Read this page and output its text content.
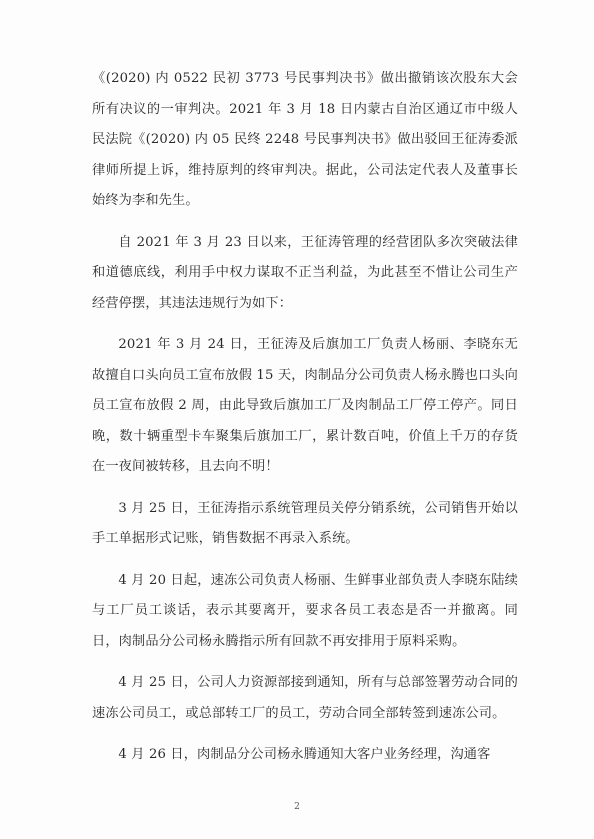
《(2020) 内 0522 民初 3773 号民事判决书》做出撤销该次股东大会所有决议的一审判决。2021 年 3 月 18 日内蒙古自治区通辽市中级人民法院《(2020) 内 05 民终 2248 号民事判决书》做出驳回王征涛委派律师所提上诉，维持原判的终审判决。据此，公司法定代表人及董事长始终为李和先生。

自 2021 年 3 月 23 日以来，王征涛管理的经营团队多次突破法律和道德底线，利用手中权力谋取不正当利益，为此甚至不惜让公司生产经营停摆，其违法违规行为如下：

2021 年 3 月 24 日，王征涛及后旗加工厂负责人杨丽、李晓东无故擅自口头向员工宣布放假 15 天，肉制品分公司负责人杨永腾也口头向员工宣布放假 2 周，由此导致后旗加工厂及肉制品工厂停工停产。同日晚，数十辆重型卡车聚集后旗加工厂，累计数百吨，价值上千万的存货在一夜间被转移，且去向不明！

3 月 25 日，王征涛指示系统管理员关停分销系统，公司销售开始以手工单据形式记账，销售数据不再录入系统。

4 月 20 日起，速冻公司负责人杨丽、生鲜事业部负责人李晓东陆续与工厂员工谈话，表示其要离开，要求各员工表态是否一并撤离。同日，肉制品分公司杨永腾指示所有回款不再安排用于原料采购。

4 月 25 日，公司人力资源部接到通知，所有与总部签署劳动合同的速冻公司员工，或总部转工厂的员工，劳动合同全部转签到速冻公司。

4 月 26 日，肉制品分公司杨永腾通知大客户业务经理，沟通客

2
